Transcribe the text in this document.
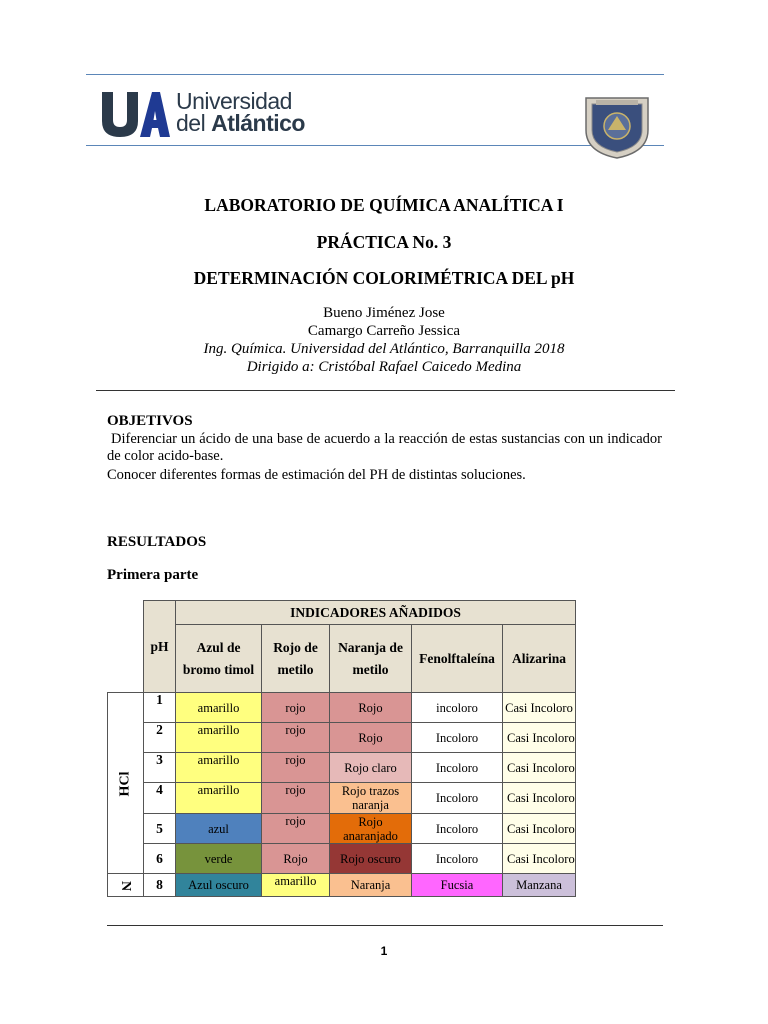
Universidad
del Atlántico
LABORATORIO DE QUÍMICA ANALÍTICA I
PRÁCTICA No. 3
DETERMINACIÓN COLORIMÉTRICA DEL pH
Bueno Jiménez Jose
Camargo Carreño Jessica
Ing. Química. Universidad del Atlántico, Barranquilla 2018
Dirigido a: Cristóbal Rafael Caicedo Medina
OBJETIVOS
Diferenciar un ácido de una base de acuerdo a la reacción de estas sustancias con un indicador de color acido-base.
Conocer diferentes formas de estimación del PH de distintas soluciones.
RESULTADOS
Primera parte
	pH	INDICADORES AÑADIDOS				
		Azul de bromo timol	Rojo de metilo	Naranja de metilo	Fenolftaleína	Alizarina
HCl	1	amarillo	rojo	Rojo	incoloro	Casi Incoloro
	2	amarillo	rojo	Rojo	Incoloro	Casi Incoloro
	3	amarillo	rojo	Rojo claro	Incoloro	Casi Incoloro
	4	amarillo	rojo	Rojo trazos naranja	Incoloro	Casi Incoloro
	5	azul	rojo	Rojo anaranjado	Incoloro	Casi Incoloro
	6	verde	Rojo	Rojo oscuro	Incoloro	Casi Incoloro
N	8	Azul oscuro	amarillo	Naranja	Fucsia	Manzana
1
